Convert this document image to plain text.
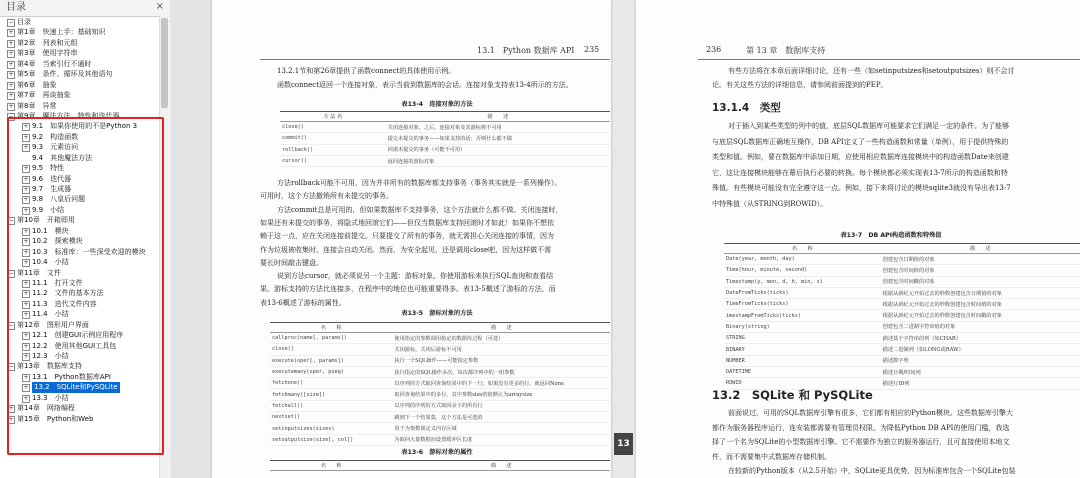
目录	×
− 目录
+ 第1章　快速上手：基础知识
+ 第2章　列表和元组
+ 第3章　使用字符串
+ 第4章　当索引行不通时
+ 第5章　条件、循环及其他语句
+ 第6章　抽象
+ 第7章　再谈抽象
+ 第8章　异常
− 第9章　魔法方法、特性和迭代器
+ 9.1　如果你使用的不是Python 3
+ 9.2　构造函数
+ 9.3　元素访问
9.4　其他魔法方法
+ 9.5　特性
+ 9.6　迭代器
+ 9.7　生成器
+ 9.8　八皇后问题
+ 9.9　小结
− 第10章　开箱即用
+ 10.1　模块
+ 10.2　探索模块
+ 10.3　标准库：一些深受欢迎的模块
+ 10.4　小结
− 第11章　文件
+ 11.1　打开文件
+ 11.2　文件的基本方法
+ 11.3　迭代文件内容
+ 11.4　小结
− 第12章　图形用户界面
+ 12.1　创建GUI示例应用程序
+ 12.2　使用其他GUI工具包
+ 12.3　小结
− 第13章　数据库支持
+ 13.1　Python数据库API
+ 13.2　SQLite和PySQLite
+ 13.3　小结
+ 第14章　网络编程
+ 第15章　Python和Web
13.1　Python 数据库 API 235
13.2.1节和第26章提供了函数connect的具体使用示例。
函数connect返回一个连接对象，表示当前到数据库的会话。连接对象支持表13-4所示的方法。
表13-4　连接对象的方法
方 法 名	描　　述
close()	关闭连接对象。之后，连接对象及其游标将不可用
commit()	提交未提交的事务——如果支持的话；否则什么都不做
rollback()	回滚未提交的事务（可能不可用）
cursor()	返回连接的游标对象
方法rollback可能不可用，因为并非所有的数据库都支持事务（事务其实就是一系列操作）。
可用时，这个方法撤销所有未提交的事务。
方法commit总是可用的，但如果数据库不支持事务，这个方法就什么都不做。关闭连接时，
如果还有未提交的事务，将隐式地回滚它们——但仅当数据库支持回滚时才如此！如果你不想依
赖于这一点，应在关闭连接前提交。只要提交了所有的事务，就无需担心关闭连接的事情，因为
作为垃圾被收集时，连接会自动关闭。然而，为安全起见，还是调用close吧，因为这样做不需
要长时间敲击键盘。
说到方法cursor，就必须说另一个主题：游标对象。你使用游标来执行SQL查询和查看结
果。游标支持的方法比连接多，在程序中的地位也可能重要得多。表13-5概述了游标的方法，而
表13-6概述了游标的属性。
表13-5　游标对象的方法
名　　称	描　　述
callproc(name[, params])	使用指定的参数调用指定的数据库过程（可选）
close()	关闭游标。关闭后游标不可用
execute(oper[, params])	执行一个SQL操作——可能指定参数
executemany(oper, pseq)	执行指定的SQL操作多次，每次都序列中的一组参数
fetchone()	以序列的方式取回查询结果中的下一行；如果没有更多的行，就返回None
fetchmany([size])	取回查询结果中的多行，其中参数size的值默认为arraysize
fetchall()	以序列的序列的方式取回余下的所有行
nextset()	跳到下一个结果集，这个方法是可选的
setinputsizes(sizes)	用于为参数预定义内存区域
setoutputsize(size[, col])	为取回大量数据而设置缓冲区长度
表13-6　游标对象的属性
名　　称	描　　述
13
236	第 13 章　数据库支持
有些方法将在本章后面详细讨论，还有一些（如setinputsizes和setoutputsizes）则不会讨
论。有关这些方法的详细信息，请参阅前面提到的PEP。
13.1.4　类型
对于插入到某些类型的列中的值，底层SQL数据库可能要求它们满足一定的条件。为了能够
与底层SQL数据库正确地互操作，DB API定义了一些构造函数和常量（单例），用于提供特殊的
类型和值。例如，要在数据库中添加日期，应使用相应数据库连接模块中的构造函数Date来创建
它，这让连接模块能够在幕后执行必要的转换。每个模块都必须实现表13-7所示的构造函数和特
殊值。有些模块可能没有完全遵守这一点。例如，接下来将讨论的模块sqlite3就没有导出表13-7
中特殊值（从STRING到ROWID）。
表13-7　DB API构造函数和特殊值
名　　称	描　　述
Date(year, month, day)	创建包含日期值的对象
Time(hour, minute, second)	创建包含时间值的对象
Timestamp(y, mon, d, h, min, s)	创建包含时间戳的对象
DateFromTicks(ticks)	根据从新纪元开始过去的秒数创建包含日期值的对象
TimeFromTicks(ticks)	根据从新纪元开始过去的秒数创建包含时间值的对象
imestampFromTicks(ticks)	根据从新纪元开始过去的秒数创建包含时间戳的对象
Binary(string)	创建包含二进制字符串值的对象
STRING	描述基于字符串的列（如CHAR）
BINARY	描述二进制列（如LONG或RAW）
NUMBER	描述数字列
DATETIME	描述日期/时间列
ROWID	描述行ID列
13.2　SQLite 和 PySQLite
前面说过，可用的SQL数据库引擎有很多，它们都有相应的Python模块。这些数据库引擎大
都作为服务器程序运行，连安装都需要有管理员权限。为降低Python DB API的使用门槛，我选
择了一个名为SQLite的小型数据库引擎。它不需要作为独立的服务器运行，且可直接使用本地文
件，而不需要集中式数据库存储机制。
在较新的Python版本（从2.5开始）中，SQLite更具优势，因为标准库包含一个SQLite包装
